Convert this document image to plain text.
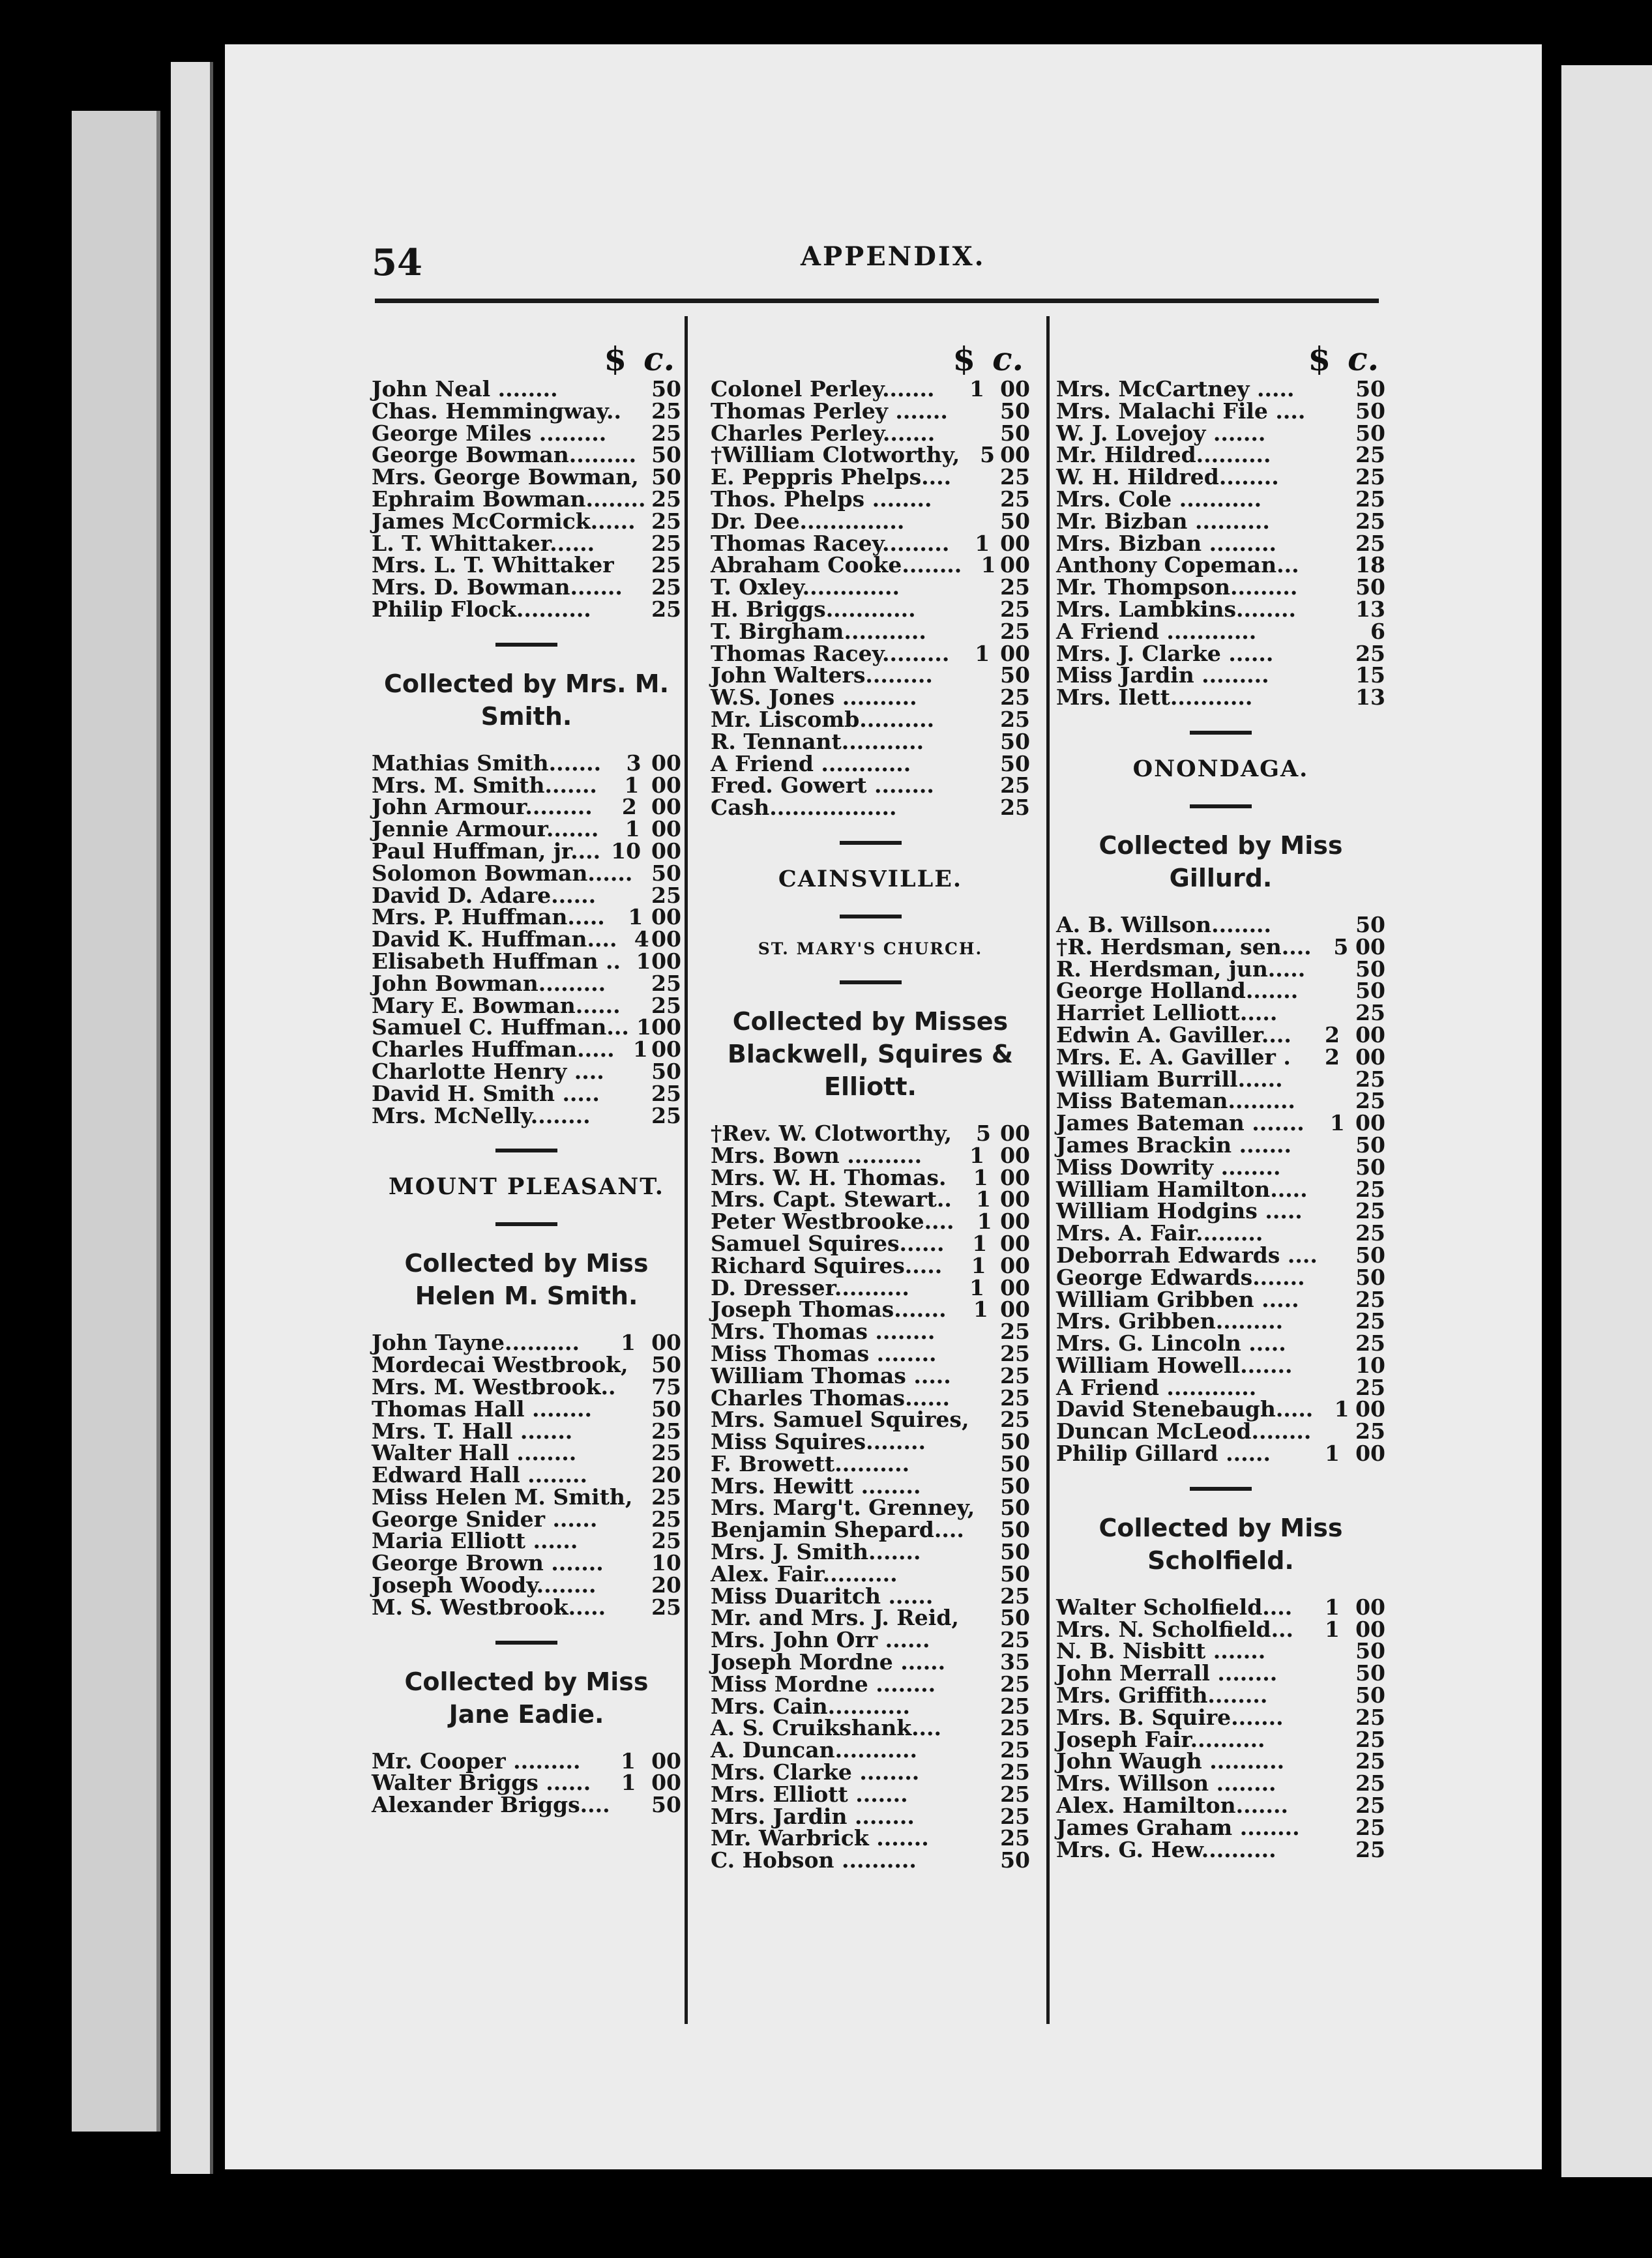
54	APPENDIX.
$ c.
John Neal ........	50
Chas. Hemmingway.. 25
George Miles .........	25
George Bowman......... 50
Mrs. George Bowman, 50
Ephraim Bowman........ 25
James McCormick...... 25
L. T. Whittaker......	25
Mrs. L. T. Whittaker 25
Mrs. D. Bowman....... 25
Philip Flock..........	25
Collected by Mrs. M. Smith.
Mathias Smith.......	3 00
Mrs. M. Smith.......	1 00
John Armour.........	2 00
Jennie Armour.......	1 00
Paul Huffman, jr.... 10 00
Solomon Bowman...... 50
David D. Adare......	25
Mrs. P. Huffman.....	1 00
David K. Huffman.... 4 00
Elisabeth Huffman .. 1 00
John Bowman.........	25
Mary E. Bowman...... 25
Samuel C. Huffman... 1 00
Charles Huffman..... 1 00
Charlotte Henry ....	50
David H. Smith .....	25
Mrs. McNelly........	25
MOUNT PLEASANT.
Collected by Miss Helen M. Smith.
John Tayne..........	1 00
Mordecai Westbrook, 50
Mrs. M. Westbrook.. 75
Thomas Hall ........	50
Mrs. T. Hall .......	25
Walter Hall ........	25
Edward Hall ........	20
Miss Helen M. Smith, 25
George Snider ......	25
Maria Elliott ......	25
George Brown .......	10
Joseph Woody........	20
M. S. Westbrook.....	25
Collected by Miss Jane Eadie.
Mr. Cooper .........	1 00
Walter Briggs ......	1 00
Alexander Briggs.... 50
$ c.
Colonel Perley.......	1 00
Thomas Perley .......	50
Charles Perley.......	50
†William Clotworthy, 5 00
E. Peppris Phelps....	25
Thos. Phelps ........	25
Dr. Dee..............	50
Thomas Racey.........	1 00
Abraham Cooke........ 1 00
T. Oxley.............	25
H. Briggs............	25
T. Birgham...........	25
Thomas Racey.........	1 00
John Walters.........	50
W.S. Jones ..........	25
Mr. Liscomb..........	25
R. Tennant...........	50
A Friend ............	50
Fred. Gowert ........	25
Cash.................	25
CAINSVILLE.
ST. MARY'S CHURCH.
Collected by Misses Blackwell, Squires & Elliott.
†Rev. W. Clotworthy,	5 00
Mrs. Bown ..........	1 00
Mrs. W. H. Thomas.	1 00
Mrs. Capt. Stewart..	1 00
Peter Westbrooke....	1 00
Samuel Squires......	1 00
Richard Squires.....	1 00
D. Dresser..........	1 00
Joseph Thomas.......	1 00
Mrs. Thomas ........	25
Miss Thomas ........	25
William Thomas .....	25
Charles Thomas......	25
Mrs. Samuel Squires, 25
Miss Squires........	50
F. Browett..........	50
Mrs. Hewitt ........	50
Mrs. Marg't. Grenney, 50
Benjamin Shepard.... 50
Mrs. J. Smith.......	50
Alex. Fair..........	50
Miss Duaritch ......	25
Mr. and Mrs. J. Reid, 50
Mrs. John Orr ......	25
Joseph Mordne ......	35
Miss Mordne ........	25
Mrs. Cain...........	25
A. S. Cruikshank....	25
A. Duncan...........	25
Mrs. Clarke ........	25
Mrs. Elliott .......	25
Mrs. Jardin ........	25
Mr. Warbrick .......	25
C. Hobson ..........	50
$ c.
Mrs. McCartney .....	50
Mrs. Malachi File ....	50
W. J. Lovejoy .......	50
Mr. Hildred..........	25
W. H. Hildred........	25
Mrs. Cole ...........	25
Mr. Bizban ..........	25
Mrs. Bizban .........	25
Anthony Copeman...	18
Mr. Thompson.........	50
Mrs. Lambkins........	13
A Friend ............	6
Mrs. J. Clarke ......	25
Miss Jardin .........	15
Mrs. Ilett...........	13
ONONDAGA.
Collected by Miss Gillurd.
A. B. Willson........	50
†R. Herdsman, sen....	5 00
R. Herdsman, jun.....	50
George Holland.......	50
Harriet Lelliott.....	25
Edwin A. Gaviller....	2 00
Mrs. E. A. Gaviller .	2 00
William Burrill......	25
Miss Bateman.........	25
James Bateman .......	1 00
James Brackin .......	50
Miss Dowrity ........	50
William Hamilton.....	25
William Hodgins .....	25
Mrs. A. Fair.........	25
Deborrah Edwards .... 50
George Edwards.......	50
William Gribben .....	25
Mrs. Gribben.........	25
Mrs. G. Lincoln .....	25
William Howell.......	10
A Friend ............	25
David Stenebaugh..... 1 00
Duncan McLeod........	25
Philip Gillard ......	1 00
Collected by Miss Scholfield.
Walter Scholfield....	1 00
Mrs. N. Scholfield...	1 00
N. B. Nisbitt .......	50
John Merrall ........	50
Mrs. Griffith........	50
Mrs. B. Squire.......	25
Joseph Fair..........	25
John Waugh ..........	25
Mrs. Willson ........	25
Alex. Hamilton.......	25
James Graham ........	25
Mrs. G. Hew..........	25
